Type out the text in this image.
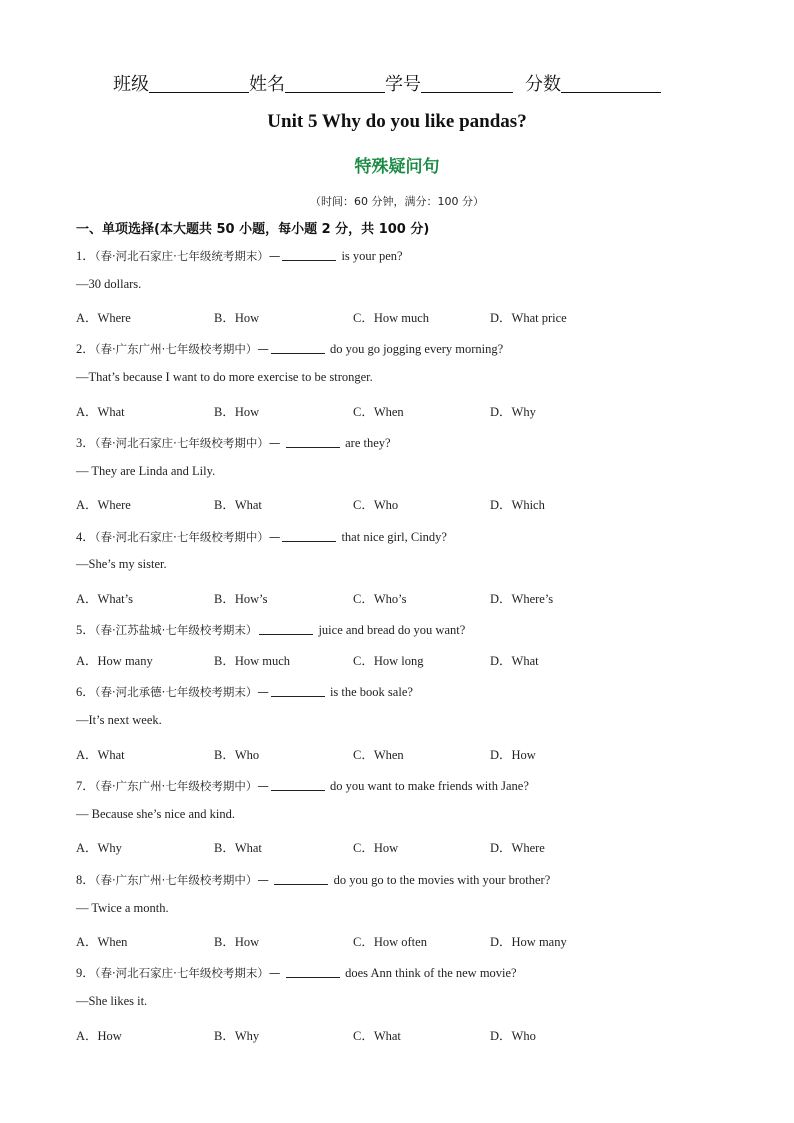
班级	姓名	学号	分数
Unit 5 Why do you like pandas?
特殊疑问句
（时间：60 分钟，满分：100 分）
一、单项选择(本大题共 50 小题，每小题 2 分，共 100 分)
1．（春·河北石家庄·七年级统考期末）—	is your pen?
—30 dollars.
A．Where	B．How	C．How much	D．What price
2．（春·广东广州·七年级校考期中）—	do you go jogging every morning?
—That’s because I want to do more exercise to be stronger.
A．What	B．How	C．When	D．Why
3．（春·河北石家庄·七年级校考期中）—	are they?
— They are Linda and Lily.
A．Where	B．What	C．Who	D．Which
4．（春·河北石家庄·七年级校考期中）—	that nice girl, Cindy?
—She’s my sister.
A．What’s	B．How’s	C．Who’s	D．Where’s
5．（春·江苏盐城·七年级校考期末）	juice and bread do you want?
A．How many	B．How much	C．How long	D．What
6．（春·河北承德·七年级校考期末）—	is the book sale?
—It’s next week.
A．What	B．Who	C．When	D．How
7．（春·广东广州·七年级校考期中）—	do you want to make friends with Jane?
— Because she’s nice and kind.
A．Why	B．What	C．How	D．Where
8．（春·广东广州·七年级校考期中）—	do you go to the movies with your brother?
— Twice a month.
A．When	B．How	C．How often	D．How many
9．（春·河北石家庄·七年级校考期末）—	does Ann think of the new movie?
—She likes it.
A．How	B．Why	C．What	D．Who
